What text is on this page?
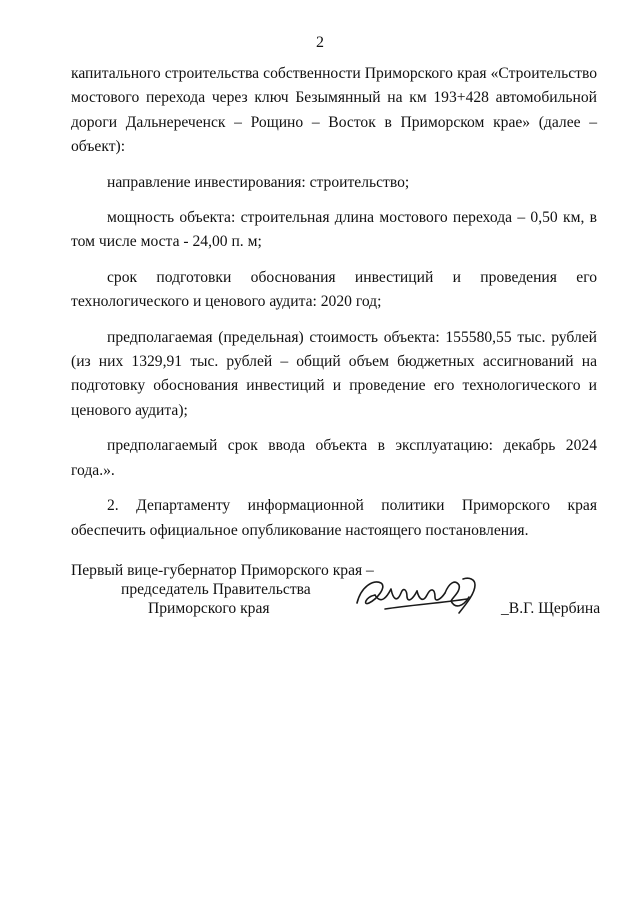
2

капитального строительства собственности Приморского края «Строительство мостового перехода через ключ Безымянный на км 193+428 автомобильной дороги Дальнереченск – Рощино – Восток в Приморском крае» (далее – объект):

направление инвестирования: строительство;

мощность объекта: строительная длина мостового перехода – 0,50 км, в том числе моста - 24,00 п. м;

срок подготовки обоснования инвестиций и проведения его технологического и ценового аудита: 2020 год;

предполагаемая (предельная) стоимость объекта: 155580,55 тыс. рублей (из них 1329,91 тыс. рублей – общий объем бюджетных ассигнований на подготовку обоснования инвестиций и проведение его технологического и ценового аудита);

предполагаемый срок ввода объекта в эксплуатацию: декабрь 2024 года.».

2. Департаменту информационной политики Приморского края обеспечить официальное опубликование настоящего постановления.

Первый вице-губернатор Приморского края –
председатель Правительства
Приморского края	_В.Г. Щербина
